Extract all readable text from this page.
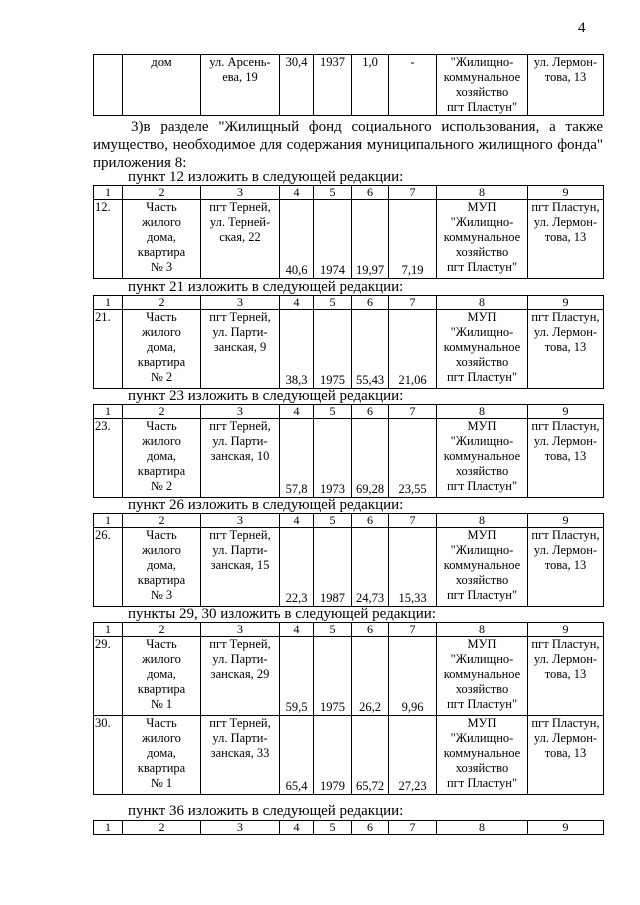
4
	дом	ул. Арсень-
ева, 19	30,4	1937	1,0	-	"Жилищно-
коммунальное
хозяйство
пгт Пластун"	ул. Лермон-
това, 13
3)в разделе "Жилищный фонд социального использования, а также имущество, необходимое для содержания муниципального жилищного фонда" приложения 8:
пункт 12 изложить в следующей редакции:
1	2	3	4	5	6	7	8	9
12.	Часть
жилого
дома,
квартира
№ 3	пгт Терней,
ул. Терней-
ская, 22	40,6	1974	19,97	7,19	МУП
"Жилищно-
коммунальное
хозяйство
пгт Пластун"	пгт Пластун,
ул. Лермон-
това, 13
пункт 21 изложить в следующей редакции:
1	2	3	4	5	6	7	8	9
21.	Часть
жилого
дома,
квартира
№ 2	пгт Терней,
ул. Парти-
занская, 9	38,3	1975	55,43	21,06	МУП
"Жилищно-
коммунальное
хозяйство
пгт Пластун"	пгт Пластун,
ул. Лермон-
това, 13
пункт 23 изложить в следующей редакции:
1	2	3	4	5	6	7	8	9
23.	Часть
жилого
дома,
квартира
№ 2	пгт Терней,
ул. Парти-
занская, 10	57,8	1973	69,28	23,55	МУП
"Жилищно-
коммунальное
хозяйство
пгт Пластун"	пгт Пластун,
ул. Лермон-
това, 13
пункт 26 изложить в следующей редакции:
1	2	3	4	5	6	7	8	9
26.	Часть
жилого
дома,
квартира
№ 3	пгт Терней,
ул. Парти-
занская, 15	22,3	1987	24,73	15,33	МУП
"Жилищно-
коммунальное
хозяйство
пгт Пластун"	пгт Пластун,
ул. Лермон-
това, 13
пункты 29, 30 изложить в следующей редакции:
1	2	3	4	5	6	7	8	9
29.	Часть
жилого
дома,
квартира
№ 1	пгт Терней,
ул. Парти-
занская, 29	59,5	1975	26,2	9,96	МУП
"Жилищно-
коммунальное
хозяйство
пгт Пластун"	пгт Пластун,
ул. Лермон-
това, 13
30.	Часть
жилого
дома,
квартира
№ 1	пгт Терней,
ул. Парти-
занская, 33	65,4	1979	65,72	27,23	МУП
"Жилищно-
коммунальное
хозяйство
пгт Пластун"	пгт Пластун,
ул. Лермон-
това, 13
пункт 36 изложить в следующей редакции:
1	2	3	4	5	6	7	8	9
